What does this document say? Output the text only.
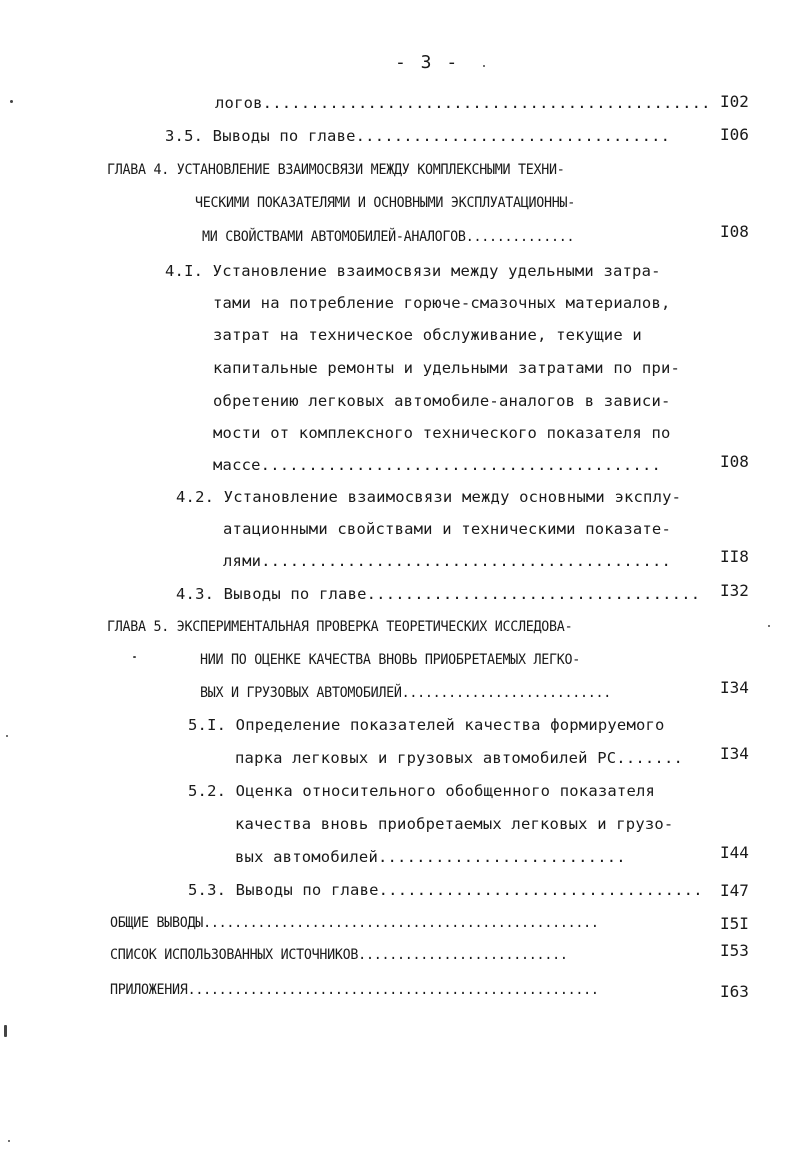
- 3 -
логов............................................... I02
3.5. Выводы по главе.................................	I06
ГЛАВА 4. УСТАНОВЛЕНИЕ ВЗАИМОСВЯЗИ МЕЖДУ КОМПЛЕКСНЫМИ ТЕХНИ-
ЧЕСКИМИ ПОКАЗАТЕЛЯМИ И ОСНОВНЫМИ ЭКСПЛУАТАЦИОННЫ-
МИ СВОЙСТВАМИ АВТОМОБИЛЕЙ-АНАЛОГОВ..............	I08
4.I. Установление взаимосвязи между удельными затра-
тами на потребление горюче-смазочных материалов,
затрат на техническое обслуживание, текущие и
капитальные ремонты и удельными затратами по при-
обретению легковых автомобиле-аналогов в зависи-
мости от комплексного технического показателя по
массе..........................................	I08
4.2. Установление взаимосвязи между основными эксплу-
атационными свойствами и техническими показате-
лями...........................................	II8
4.3. Выводы по главе................................... I32
ГЛАВА 5. ЭКСПЕРИМЕНТАЛЬНАЯ ПРОВЕРКА ТЕОРЕТИЧЕСКИХ ИССЛЕДОВА-
НИИ ПО ОЦЕНКЕ КАЧЕСТВА ВНОВЬ ПРИОБРЕТАЕМЫХ ЛЕГКО-
ВЫХ И ГРУЗОВЫХ АВТОМОБИЛЕЙ...........................	I34
5.I. Определение показателей качества формируемого
парка легковых и грузовых автомобилей РС....... I34
5.2. Оценка относительного обобщенного показателя
качества вновь приобретаемых легковых и грузо-
вых автомобилей..........................	I44
5.3. Выводы по главе.................................. I47
ОБЩИЕ ВЫВОДЫ...................................................	I5I
СПИСОК ИСПОЛЬЗОВАННЫХ ИСТОЧНИКОВ...........................	I53
ПРИЛОЖЕНИЯ.....................................................	I63
